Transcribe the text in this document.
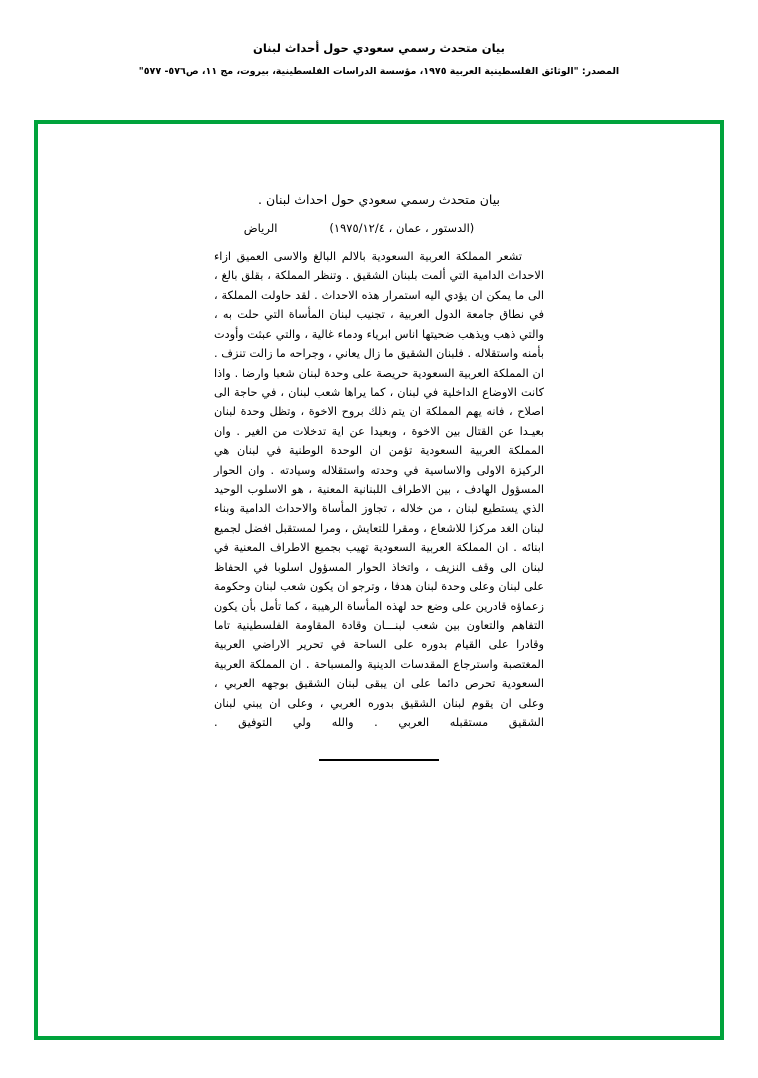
بيان متحدث رسمي سعودي حول أحداث لبنان
المصدر: "الوثائق الفلسطينية العربية ١٩٧٥، مؤسسة الدراسات الفلسطينية، بيروت، مج ١١، ص٥٧٦- ٥٧٧"
بيان متحدث رسمي سعودي حول احداث لبنان .
(الدستور ، عمان ، ١٩٧٥/١٢/٤)
الرياض

تشعر المملكة العربية السعودية بالالم البالغ والاسى العميق ازاء الاحداث الدامية التي ألمت بلبنان الشقيق . وتنظر المملكة ، بقلق بالغ ، الى ما يمكن ان يؤدي اليه استمرار هذه الاحداث . لقد حاولت المملكة ، في نطاق جامعة الدول العربية ، تجنيب لبنان المأساة التي حلت به ، والتي ذهب ويذهب ضحيتها اناس ابرياء ودماء غالية ، والتي عبثت وأودت بأمنه واستقلاله . فلبنان الشقيق ما زال يعاني ، وجراحه ما زالت تنزف . ان المملكة العربية السعودية حريصة على وحدة لبنان شعبا وارضا . واذا كانت الاوضاع الداخلية في لبنان ، كما يراها شعب لبنان ، في حاجة الى اصلاح ، فانه يهم المملكة ان يتم ذلك بروح الاخوة ، وتظل وحدة لبنان بعيـدا عن القتال بين الاخوة ، وبعيدا عن اية تدخلات من الغير . وان المملكة العربية السعودية تؤمن ان الوحدة الوطنية في لبنان هي الركيزة الاولى والاساسية في وحدته واستقلاله وسيادته . وان الحوار المسؤول الهادف ، بين الاطراف اللبنانية المعنية ، هو الاسلوب الوحيد الذي يستطيع لبنان ، من خلاله ، تجاوز المأساة والاحداث الدامية وبناء لبنان الغد مركزا للاشعاع ، ومقرا للتعايش ، ومرا لمستقبل افضل لجميع ابنائه . ان المملكة العربية السعودية تهيب بجميع الاطراف المعنية في لبنان الى وقف النزيف ، واتخاذ الحوار المسؤول اسلوبا في الحفاظ على لبنان وعلى وحدة لبنان هدفا ، وترجو ان يكون شعب لبنان وحكومة زعماؤه قادرين على وضع حد لهذه المأساة الرهيبة ، كما تأمل بأن يكون التفاهم والتعاون بين شعب لبنـــان وقادة المقاومة الفلسطينية تاما وقادرا على القيام بدوره على الساحة في تحرير الاراضي العربية المغتصبة واسترجاع المقدسات الدينية والمسباحة . ان المملكة العربية السعودية تحرص دائما على ان يبقى لبنان الشقيق بوجهه العربي ، وعلى ان يقوم لبنان الشقيق بدوره العربي ، وعلى ان يبني لبنان الشقيق مستقبله العربي . والله ولي التوفيق .
